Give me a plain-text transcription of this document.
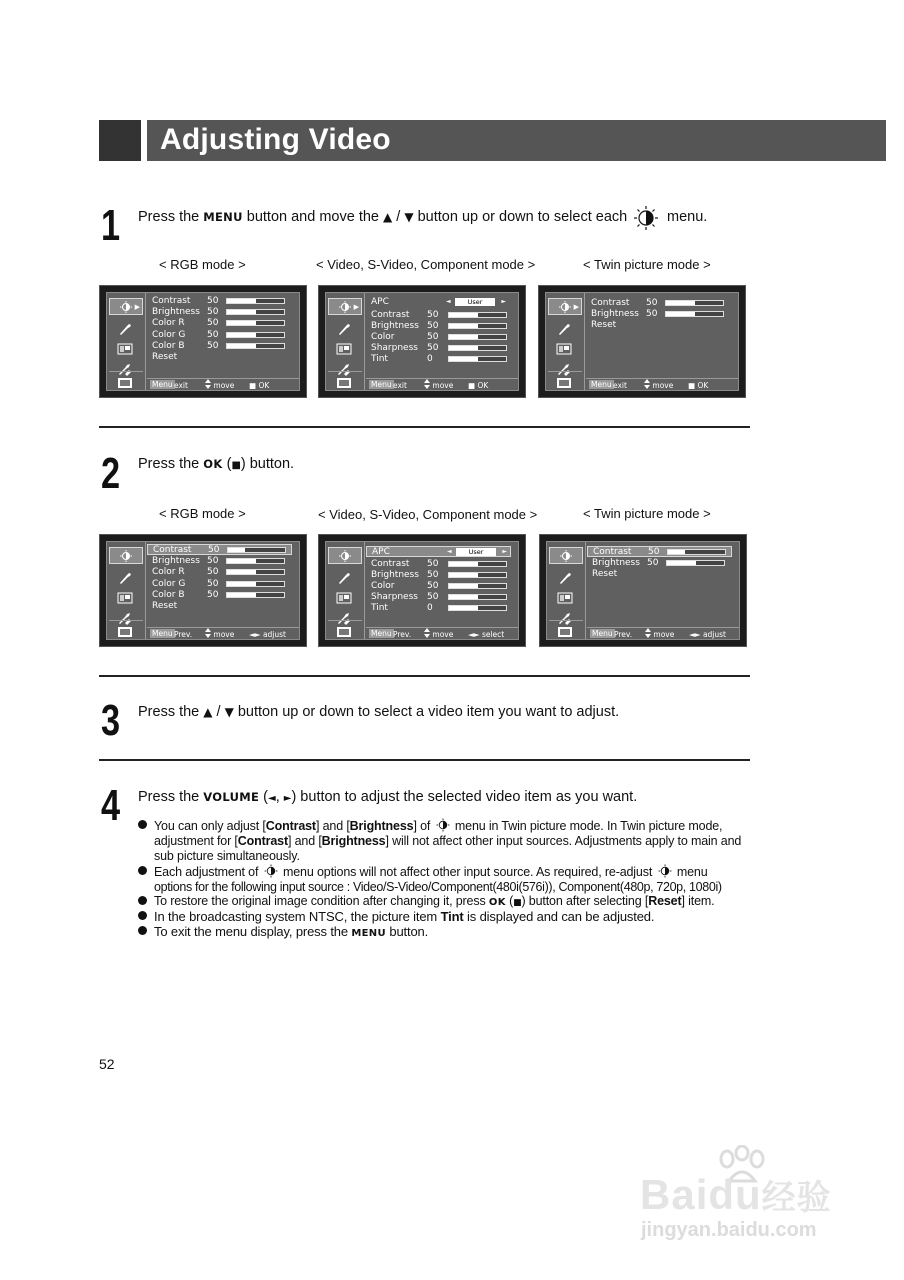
Adjusting Video
1 Press the MENU button and move the ▲ / ▼ button up or down to select each	menu.
< RGB mode >	< Video, S-Video, Component mode >	< Twin picture mode >
▶
Contrast 50
Brightness 50
Color R 50
Color G 50
Color B 50
Reset
Menu exit	move ■ OK
▶
APC	◄	User	►
Contrast 50
Brightness 50
Color	50
Sharpness 50
Tint	0
Menu exit	move ■ OK
▶ Contrast 50
Brightness 50
Reset
Menu exit	move ■ OK
2 Press the OK (■) button.
< RGB mode >	< Video, S-Video, Component mode >	< Twin picture mode >
Contrast 50
Brightness 50
Color R 50
Color G 50
Color B 50
Reset
Menu Prev.	move ◄► adjust
APC	◄	User	►
Contrast 50
Brightness 50
Color	50
Sharpness 50
Tint	0
Menu Prev.	move ◄► select
Contrast 50
Brightness 50
Reset
Menu Prev.	move ◄► adjust
3 Press the ▲ / ▼ button up or down to select a video item you want to adjust.
4 Press the VOLUME (◄, ►) button to adjust the selected video item as you want.
You can only adjust [Contrast] and [Brightness] of menu in Twin picture mode. In Twin picture mode,
adjustment for [Contrast] and [Brightness] will not affect other input sources. Adjustments apply to main and
sub picture simultaneously.
Each adjustment of menu options will not affect other input source. As required, re-adjust menu
options for the following input source : Video/S-Video/Component(480i(576i)), Component(480p, 720p, 1080i)
To restore the original image condition after changing it, press OK (■) button after selecting [Reset] item.
In the broadcasting system NTSC, the picture item Tint is displayed and can be adjusted.
To exit the menu display, press the MENU button.
52
Baidu经验
jingyan.baidu.com
